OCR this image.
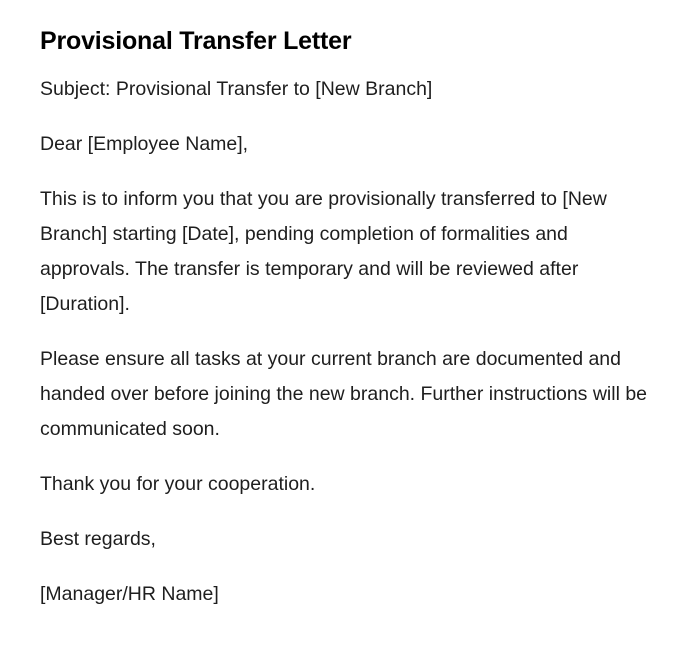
Provisional Transfer Letter

Subject: Provisional Transfer to [New Branch]

Dear [Employee Name],

This is to inform you that you are provisionally transferred to [New Branch] starting [Date], pending completion of formalities and approvals. The transfer is temporary and will be reviewed after [Duration].

Please ensure all tasks at your current branch are documented and handed over before joining the new branch. Further instructions will be communicated soon.

Thank you for your cooperation.

Best regards,

[Manager/HR Name]
